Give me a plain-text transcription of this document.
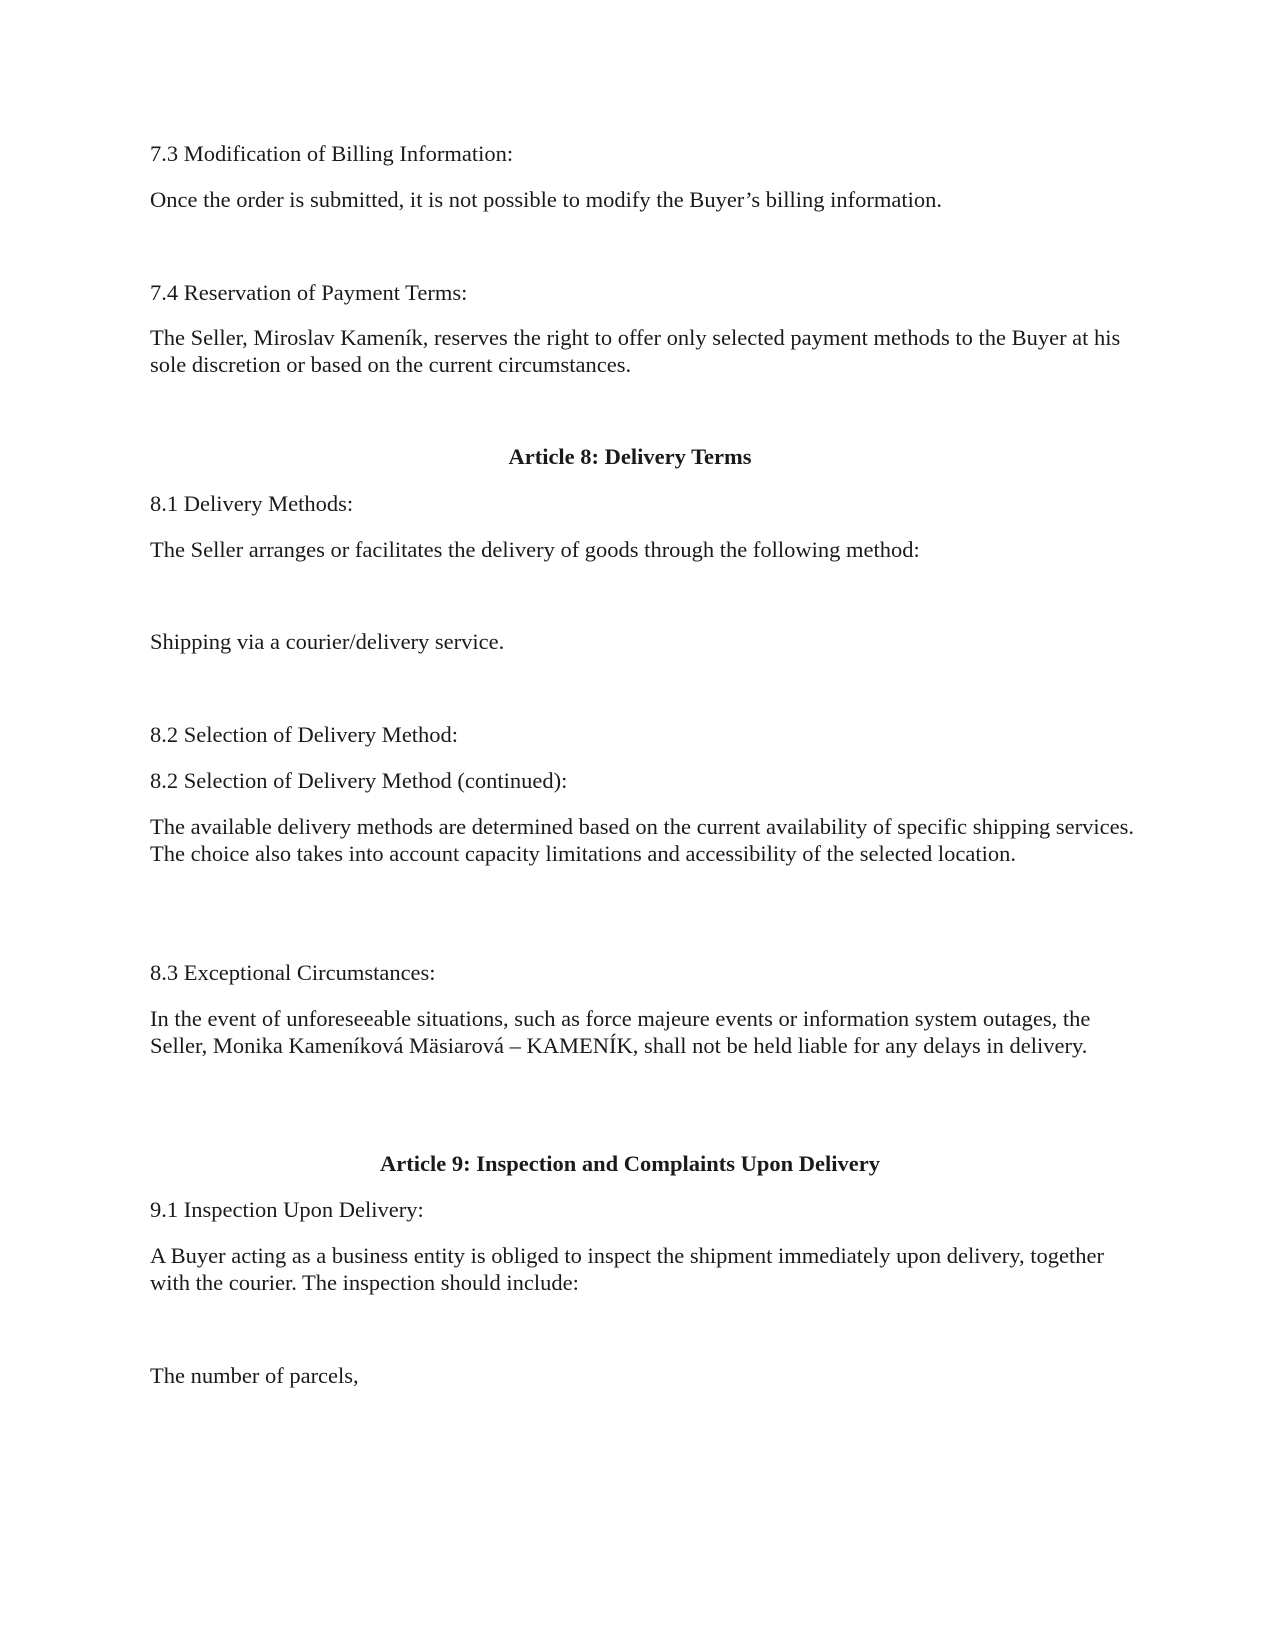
7.3 Modification of Billing Information:

Once the order is submitted, it is not possible to modify the Buyer’s billing information.

7.4 Reservation of Payment Terms:

The Seller, Miroslav Kameník, reserves the right to offer only selected payment methods to the Buyer at his sole discretion or based on the current circumstances.

Article 8: Delivery Terms

8.1 Delivery Methods:

The Seller arranges or facilitates the delivery of goods through the following method:

Shipping via a courier/delivery service.

8.2 Selection of Delivery Method:

8.2 Selection of Delivery Method (continued):

The available delivery methods are determined based on the current availability of specific shipping services. The choice also takes into account capacity limitations and accessibility of the selected location.

8.3 Exceptional Circumstances:

In the event of unforeseeable situations, such as force majeure events or information system outages, the Seller, Monika Kameníková Mäsiarová – KAMENÍK, shall not be held liable for any delays in delivery.

Article 9: Inspection and Complaints Upon Delivery

9.1 Inspection Upon Delivery:

A Buyer acting as a business entity is obliged to inspect the shipment immediately upon delivery, together with the courier. The inspection should include:

The number of parcels,
